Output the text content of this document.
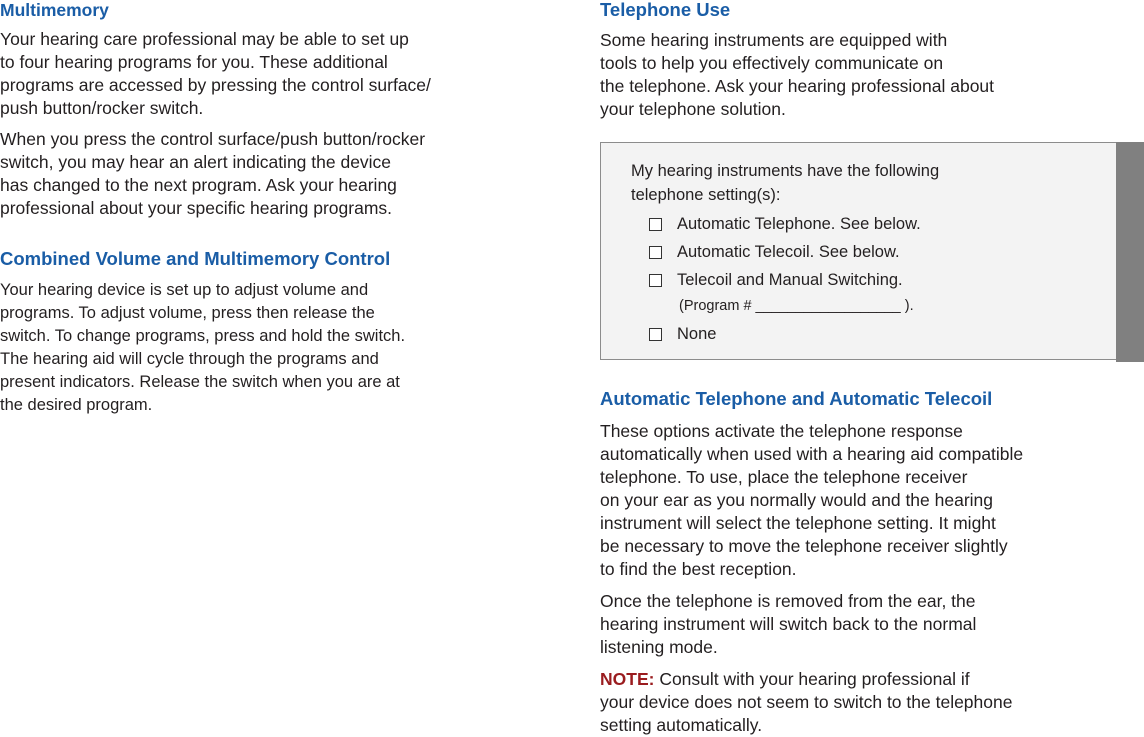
Multimemory

Your hearing care professional may be able to set up
to four hearing programs for you. These additional
programs are accessed by pressing the control surface/
push button/rocker switch.

When you press the control surface/push button/rocker
switch, you may hear an alert indicating the device
has changed to the next program. Ask your hearing
professional about your specific hearing programs.

Combined Volume and Multimemory Control

Your hearing device is set up to adjust volume and
programs. To adjust volume, press then release the
switch. To change programs, press and hold the switch.
The hearing aid will cycle through the programs and
present indicators. Release the switch when you are at
the desired program.

Telephone Use

Some hearing instruments are equipped with
tools to help you effectively communicate on
the telephone. Ask your hearing professional about
your telephone solution.

My hearing instruments have the following
telephone setting(s):
Automatic Telephone. See below.
Automatic Telecoil. See below.
Telecoil and Manual Switching.
(Program # __________________ ).
None
Automatic Telephone and Automatic Telecoil

These options activate the telephone response
automatically when used with a hearing aid compatible
telephone. To use, place the telephone receiver
on your ear as you normally would and the hearing
instrument will select the telephone setting. It might
be necessary to move the telephone receiver slightly
to find the best reception.

Once the telephone is removed from the ear, the
hearing instrument will switch back to the normal
listening mode.

NOTE: Consult with your hearing professional if
your device does not seem to switch to the telephone
setting automatically.
